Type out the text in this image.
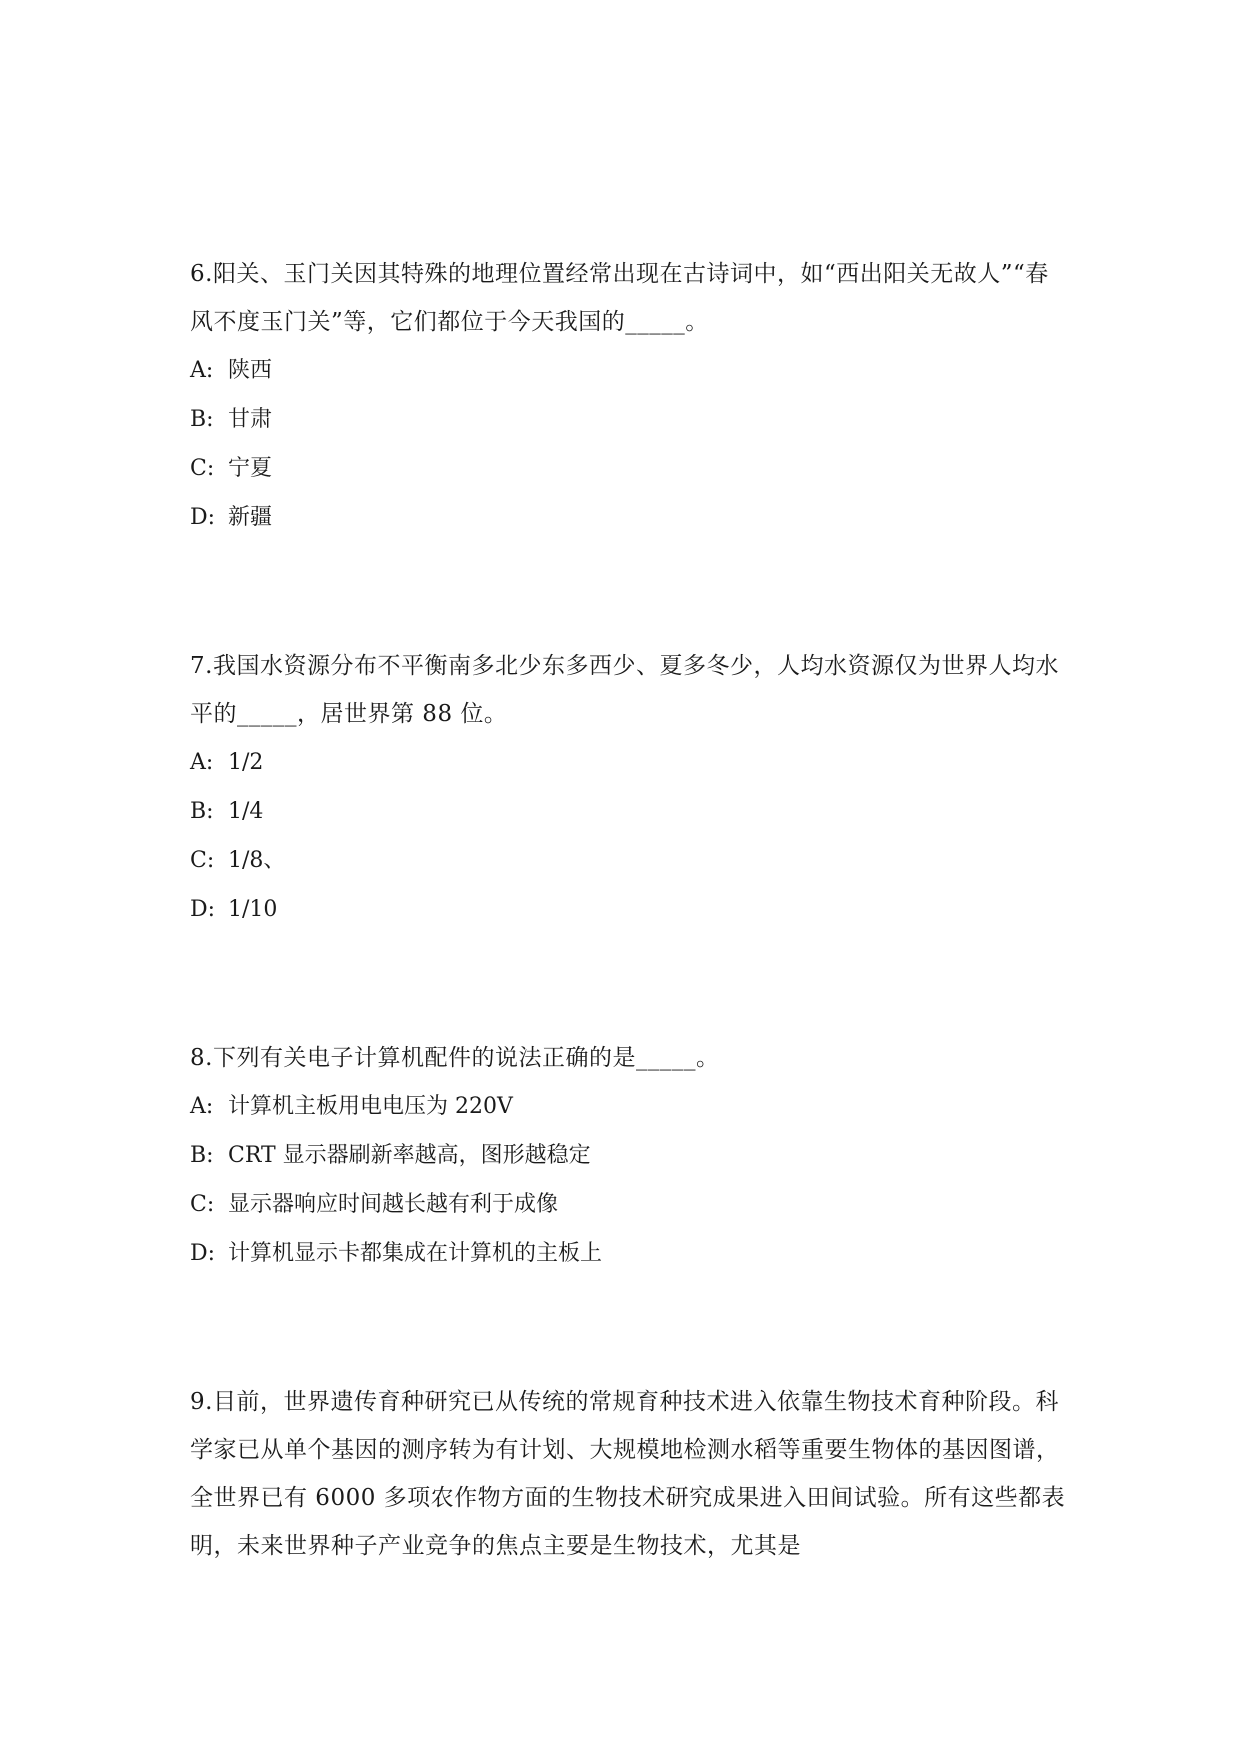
6.阳关、玉门关因其特殊的地理位置经常出现在古诗词中，如“西出阳关无故人”“春风不度玉门关”等，它们都位于今天我国的_____。

A: 陕西

B: 甘肃

C: 宁夏

D: 新疆

7.我国水资源分布不平衡南多北少东多西少、夏多冬少，人均水资源仅为世界人均水平的_____，居世界第 88 位。

A: 1/2

B: 1/4

C: 1/8、

D: 1/10

8.下列有关电子计算机配件的说法正确的是_____。

A: 计算机主板用电电压为 220V

B: CRT 显示器刷新率越高，图形越稳定

C: 显示器响应时间越长越有利于成像

D: 计算机显示卡都集成在计算机的主板上

9.目前，世界遗传育种研究已从传统的常规育种技术进入依靠生物技术育种阶段。科学家已从单个基因的测序转为有计划、大规模地检测水稻等重要生物体的基因图谱，全世界已有 6000 多项农作物方面的生物技术研究成果进入田间试验。所有这些都表明，未来世界种子产业竞争的焦点主要是生物技术，尤其是
